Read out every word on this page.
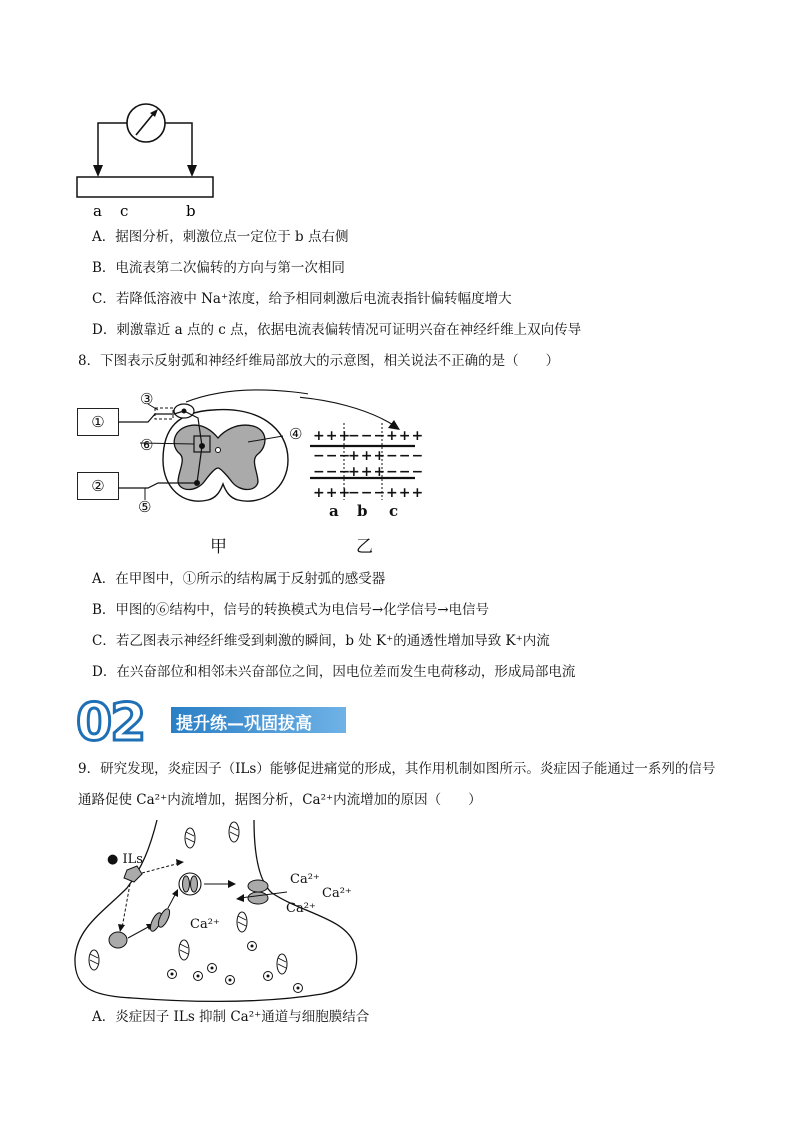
a c	b
A．据图分析，刺激位点一定位于 b 点右侧
B．电流表第二次偏转的方向与第一次相同
C．若降低溶液中 Na⁺浓度，给予相同刺激后电流表指针偏转幅度增大
D．刺激靠近 a 点的 c 点，依据电流表偏转情况可证明兴奋在神经纤维上双向传导
8．下图表示反射弧和神经纤维局部放大的示意图，相关说法不正确的是（　　）
①
②
+++
−−− +++
−−−
+++ −−−
−−−
+++ −−−
+++
−−− +++
a b c
③
④
⑤
⑥
甲	乙
A．在甲图中，①所示的结构属于反射弧的感受器
B．甲图的⑥结构中，信号的转换模式为电信号→化学信号→电信号
C．若乙图表示神经纤维受到刺激的瞬间，b 处 K⁺的通透性增加导致 K⁺内流
D．在兴奋部位和相邻未兴奋部位之间，因电位差而发生电荷移动，形成局部电流
02 提升练—巩固拔高
9．研究发现，炎症因子（ILs）能够促进痛觉的形成，其作用机制如图所示。炎症因子能通过一系列的信号
通路促使 Ca²⁺内流增加，据图分析，Ca²⁺内流增加的原因（　　）
● ILs
Ca²⁺
Ca²⁺
Ca²⁺
Ca²⁺
A．炎症因子 ILs 抑制 Ca²⁺通道与细胞膜结合
